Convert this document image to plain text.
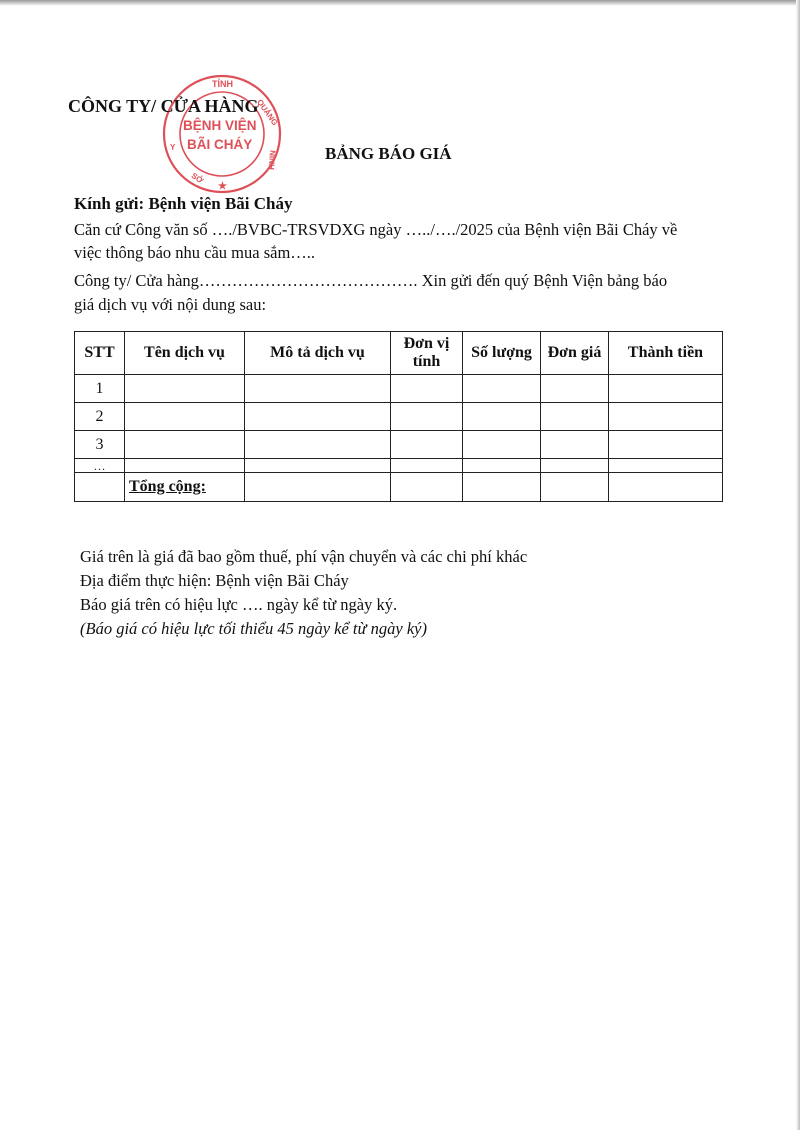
TỈNH
QUẢNG
NINH
Y
SỞ
★
BỆNH VIỆN
BÃI CHÁY
CÔNG TY/ CỬA HÀNG
BẢNG BÁO GIÁ
Kính gửi: Bệnh viện Bãi Cháy
Căn cứ Công văn số …./BVBC-TRSVDXG ngày …../…./2025 của Bệnh viện Bãi Cháy về
việc thông báo nhu cầu mua sắm…..
Công ty/ Cửa hàng…………………………………. Xin gửi đến quý Bệnh Viện bảng báo
giá dịch vụ với nội dung sau:
STT	Tên dịch vụ	Mô tả dịch vụ	Đơn vị tính	Số lượng	Đơn giá	Thành tiền
1						
2						
3						
…						
	Tổng cộng:					
Giá trên là giá đã bao gồm thuế, phí vận chuyển và các chi phí khác
Địa điểm thực hiện: Bệnh viện Bãi Cháy
Báo giá trên có hiệu lực …. ngày kể từ ngày ký.
(Báo giá có hiệu lực tối thiểu 45 ngày kể từ ngày ký)
